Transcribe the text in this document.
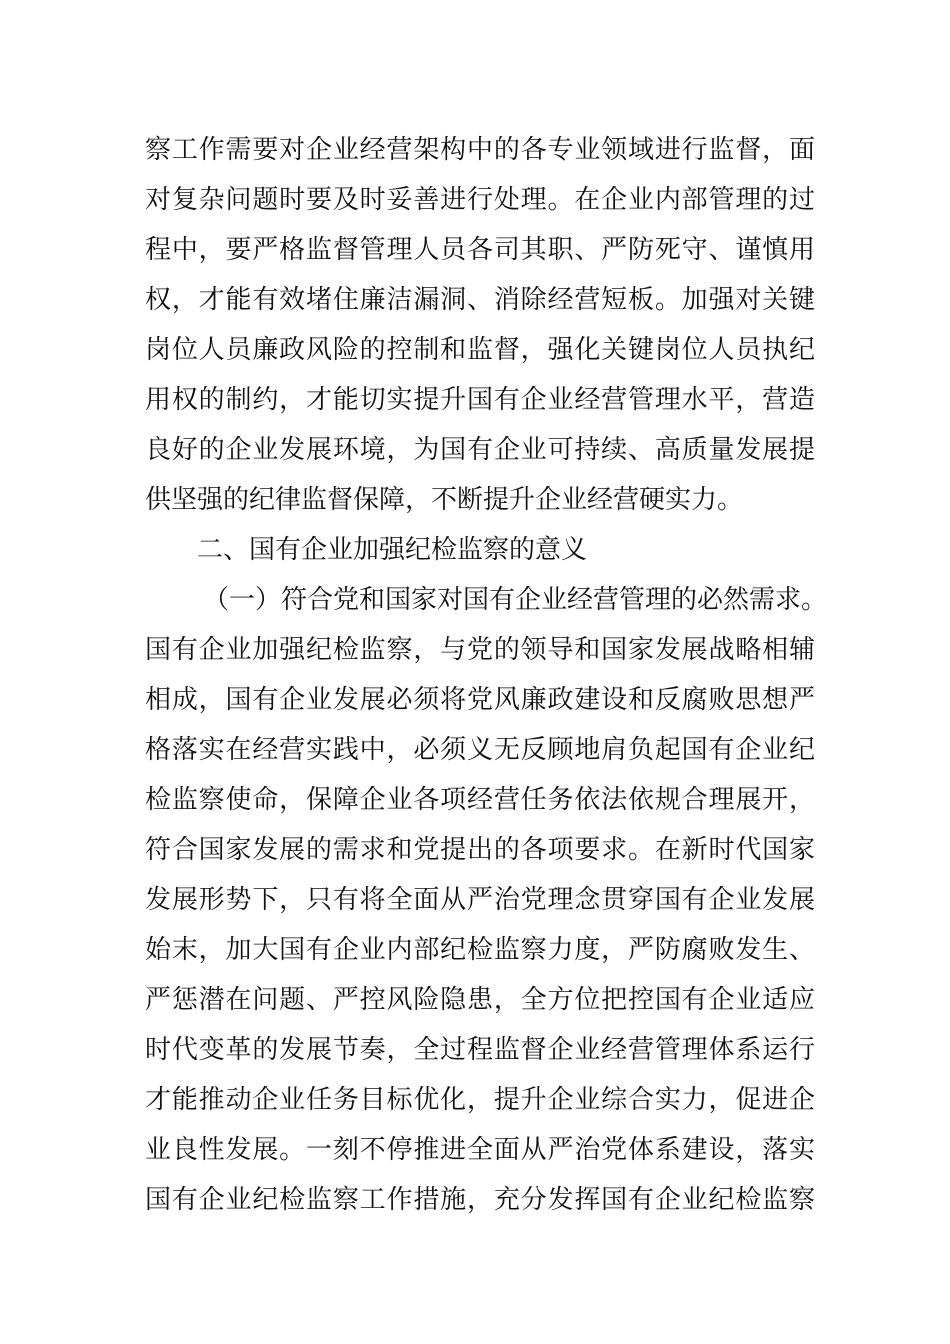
察工作需要对企业经营架构中的各专业领域进行监督，面
对复杂问题时要及时妥善进行处理。在企业内部管理的过
程中，要严格监督管理人员各司其职、严防死守、谨慎用
权，才能有效堵住廉洁漏洞、消除经营短板。加强对关键
岗位人员廉政风险的控制和监督，强化关键岗位人员执纪
用权的制约，才能切实提升国有企业经营管理水平，营造
良好的企业发展环境，为国有企业可持续、高质量发展提
供坚强的纪律监督保障，不断提升企业经营硬实力。
二、国有企业加强纪检监察的意义
（一）符合党和国家对国有企业经营管理的必然需求。
国有企业加强纪检监察，与党的领导和国家发展战略相辅
相成，国有企业发展必须将党风廉政建设和反腐败思想严
格落实在经营实践中，必须义无反顾地肩负起国有企业纪
检监察使命，保障企业各项经营任务依法依规合理展开，
符合国家发展的需求和党提出的各项要求。在新时代国家
发展形势下，只有将全面从严治党理念贯穿国有企业发展
始末，加大国有企业内部纪检监察力度，严防腐败发生、
严惩潜在问题、严控风险隐患，全方位把控国有企业适应
时代变革的发展节奏，全过程监督企业经营管理体系运行
才能推动企业任务目标优化，提升企业综合实力，促进企
业良性发展。一刻不停推进全面从严治党体系建设，落实
国有企业纪检监察工作措施，充分发挥国有企业纪检监察
